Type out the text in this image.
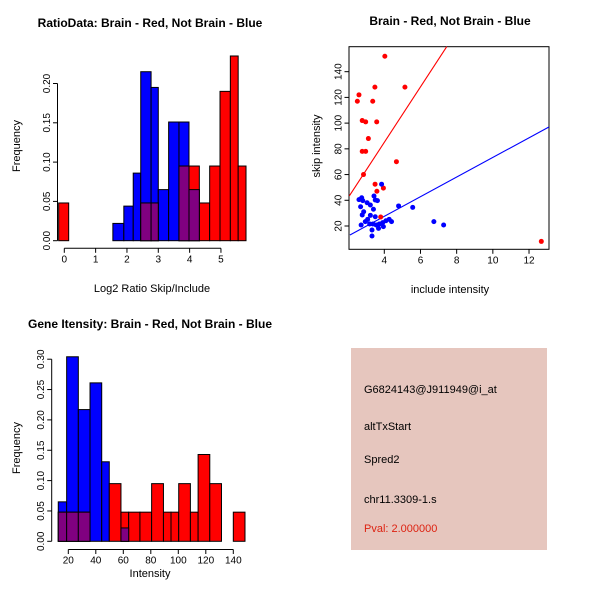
0	1	2	3	4	5
0.00
0.05
0.10
0.15
0.20
4	6	8	10	12
20
40
60
80
100
120
140
20 40 60 80 100 120 140
0.00
0.05
0.10
0.15
0.20
0.25
0.30
RatioData: Brain - Red, Not Brain - Blue
Log2 Ratio Skip/Include
Frequency
Brain - Red, Not Brain - Blue
include intensity
skip intensity
Gene Itensity: Brain - Red, Not Brain - Blue
Intensity
Frequency
G6824143@J911949@i_at
altTxStart
Spred2
chr11.3309-1.s
Pval: 2.000000
